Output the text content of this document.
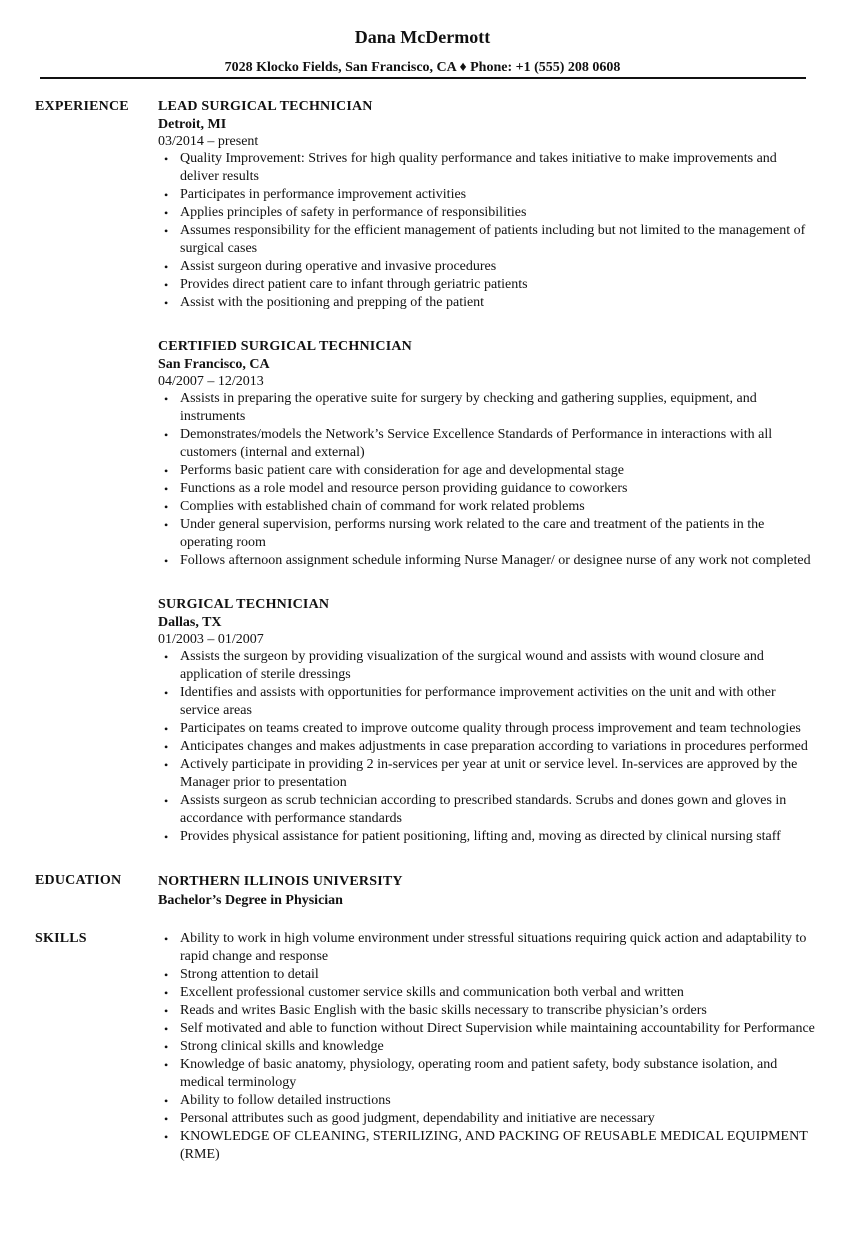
Dana McDermott
7028 Klocko Fields, San Francisco, CA ♦ Phone: +1 (555) 208 0608
EXPERIENCE LEAD SURGICAL TECHNICIAN
Detroit, MI
03/2014 – present
• Quality Improvement: Strives for high quality performance and takes initiative to make improvements and deliver results
• Participates in performance improvement activities
• Applies principles of safety in performance of responsibilities
• Assumes responsibility for the efficient management of patients including but not limited to the management of surgical cases
• Assist surgeon during operative and invasive procedures
• Provides direct patient care to infant through geriatric patients
• Assist with the positioning and prepping of the patient
CERTIFIED SURGICAL TECHNICIAN
San Francisco, CA
04/2007 – 12/2013
• Assists in preparing the operative suite for surgery by checking and gathering supplies, equipment, and instruments
• Demonstrates/models the Network’s Service Excellence Standards of Performance in interactions with all customers (internal and external)
• Performs basic patient care with consideration for age and developmental stage
• Functions as a role model and resource person providing guidance to coworkers
• Complies with established chain of command for work related problems
• Under general supervision, performs nursing work related to the care and treatment of the patients in the operating room
• Follows afternoon assignment schedule informing Nurse Manager/ or designee nurse of any work not completed
SURGICAL TECHNICIAN
Dallas, TX
01/2003 – 01/2007
• Assists the surgeon by providing visualization of the surgical wound and assists with wound closure and application of sterile dressings
• Identifies and assists with opportunities for performance improvement activities on the unit and with other service areas
• Participates on teams created to improve outcome quality through process improvement and team technologies
• Anticipates changes and makes adjustments in case preparation according to variations in procedures performed
• Actively participate in providing 2 in-services per year at unit or service level. In-services are approved by the Manager prior to presentation
• Assists surgeon as scrub technician according to prescribed standards. Scrubs and dones gown and gloves in accordance with performance standards
• Provides physical assistance for patient positioning, lifting and, moving as directed by clinical nursing staff
EDUCATION	NORTHERN ILLINOIS UNIVERSITY
Bachelor’s Degree in Physician
SKILLS	• Ability to work in high volume environment under stressful situations requiring quick action and adaptability to rapid change and response
• Strong attention to detail
• Excellent professional customer service skills and communication both verbal and written
• Reads and writes Basic English with the basic skills necessary to transcribe physician’s orders
• Self motivated and able to function without Direct Supervision while maintaining accountability for Performance
• Strong clinical skills and knowledge
• Knowledge of basic anatomy, physiology, operating room and patient safety, body substance isolation, and medical terminology
• Ability to follow detailed instructions
• Personal attributes such as good judgment, dependability and initiative are necessary
• KNOWLEDGE OF CLEANING, STERILIZING, AND PACKING OF REUSABLE MEDICAL EQUIPMENT (RME)
